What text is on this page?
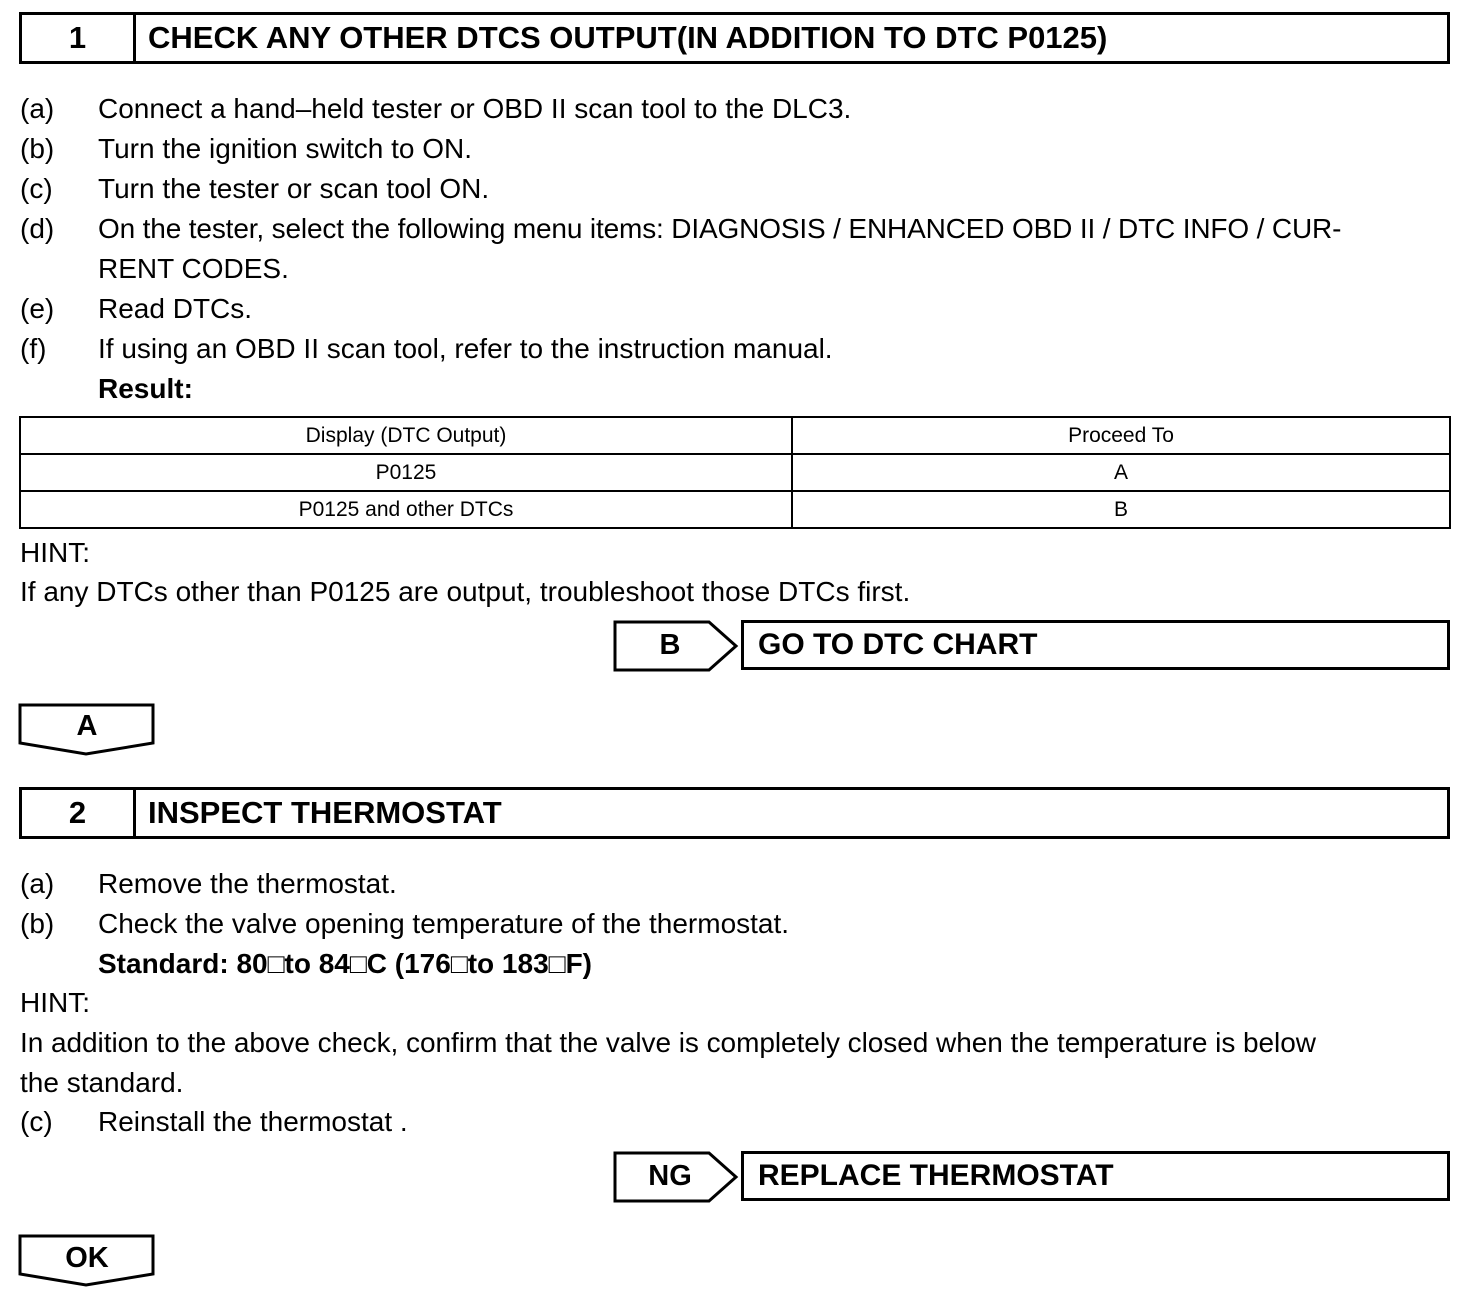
1	CHECK ANY OTHER DTCS OUTPUT(IN ADDITION TO DTC P0125)
(a) Connect a hand–held tester or OBD II scan tool to the DLC3.
(b) Turn the ignition switch to ON.
(c) Turn the tester or scan tool ON.
(d) On the tester, select the following menu items: DIAGNOSIS / ENHANCED OBD II / DTC INFO / CUR-
RENT CODES.
(e) Read DTCs.
(f) If using an OBD II scan tool, refer to the instruction manual.
Result:
Display (DTC Output)	Proceed To
P0125	A
P0125 and other DTCs	B
HINT:
If any DTCs other than P0125 are output, troubleshoot those DTCs first.
B	GO TO DTC CHART
A
2	INSPECT THERMOSTAT
(a) Remove the thermostat.
(b) Check the valve opening temperature of the thermostat.
Standard: 80□to 84□C (176□to 183□F)
HINT:
In addition to the above check, confirm that the valve is completely closed when the temperature is below
the standard.
(c) Reinstall the thermostat .
NG	REPLACE THERMOSTAT
OK
